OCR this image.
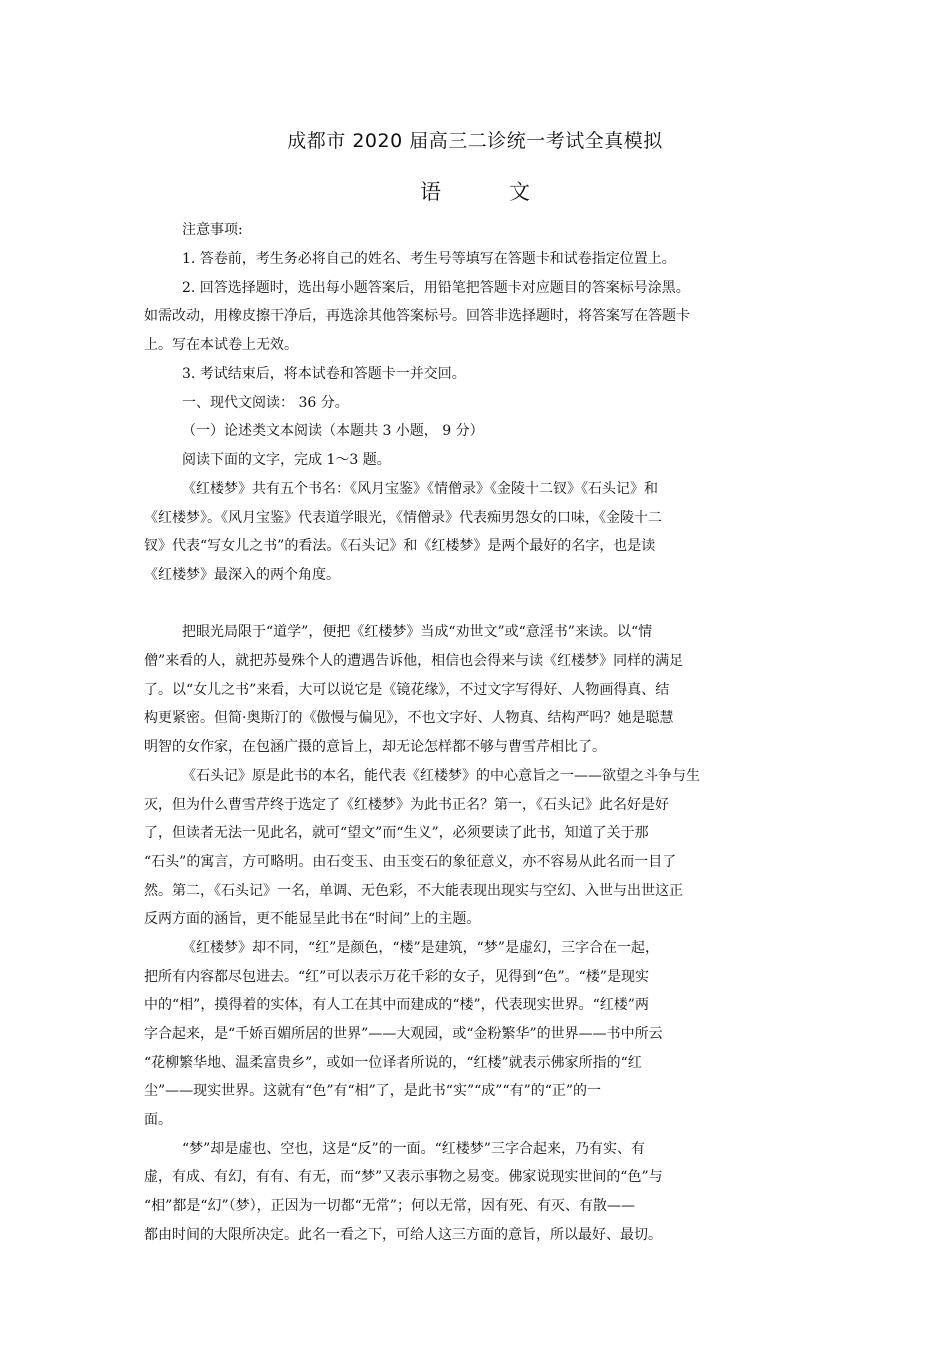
成都市 2020 届高三二诊统一考试全真模拟
语	文
注意事项:
1. 答卷前，考生务必将自己的姓名、考生号等填写在答题卡和试卷指定位置上。
2. 回答选择题时，选出每小题答案后，用铅笔把答题卡对应题目的答案标号涂黑。
如需改动，用橡皮擦干净后，再选涂其他答案标号。回答非选择题时，将答案写在答题卡
上。写在本试卷上无效。
3. 考试结束后，将本试卷和答题卡一并交回。
一、现代文阅读： 36 分。
（一）论述类文本阅读（本题共 3 小题， 9 分）
阅读下面的文字，完成 1～3 题。
《红楼梦》共有五个书名：《风月宝鉴》《情僧录》《金陵十二钗》《石头记》和
《红楼梦》。《风月宝鉴》代表道学眼光，《情僧录》代表痴男怨女的口味，《金陵十二
钗》代表“写女儿之书”的看法。《石头记》和《红楼梦》是两个最好的名字，也是读
《红楼梦》最深入的两个角度。
把眼光局限于“道学”，便把《红楼梦》当成“劝世文”或“意淫书”来读。以“情
僧”来看的人，就把苏曼殊个人的遭遇告诉他，相信也会得来与读《红楼梦》同样的满足
了。以“女儿之书”来看，大可以说它是《镜花缘》，不过文字写得好、人物画得真、结
构更紧密。但简·奥斯汀的《傲慢与偏见》，不也文字好、人物真、结构严吗？她是聪慧
明智的女作家，在包涵广摄的意旨上，却无论怎样都不够与曹雪芹相比了。
《石头记》原是此书的本名，能代表《红楼梦》的中心意旨之一——欲望之斗争与生
灭，但为什么曹雪芹终于选定了《红楼梦》为此书正名？第一，《石头记》此名好是好
了，但读者无法一见此名，就可“望文”而“生义”，必须要读了此书，知道了关于那
“石头”的寓言，方可略明。由石变玉、由玉变石的象征意义，亦不容易从此名而一目了
然。第二，《石头记》一名，单调、无色彩，不大能表现出现实与空幻、入世与出世这正
反两方面的涵旨，更不能显呈此书在“时间”上的主题。
《红楼梦》却不同，“红”是颜色，“楼”是建筑，“梦”是虚幻，三字合在一起，
把所有内容都尽包进去。“红”可以表示万花千彩的女子，见得到“色”。“楼”是现实
中的“相”，摸得着的实体，有人工在其中而建成的“楼”，代表现实世界。“红楼”两
字合起来，是“千娇百媚所居的世界”——大观园，或“金粉繁华”的世界——书中所云
“花柳繁华地、温柔富贵乡”，或如一位译者所说的，“红楼”就表示佛家所指的“红
尘”——现实世界。这就有“色”有“相”了，是此书“实”“成”“有”的“正”的一
面。
“梦”却是虚也、空也，这是“反”的一面。“红楼梦”三字合起来，乃有实、有
虚，有成、有幻，有有、有无，而“梦”又表示事物之易变。佛家说现实世间的“色”与
“相”都是“幻”（梦），正因为一切都“无常”；何以无常，因有死、有灭、有散——
都由时间的大限所决定。此名一看之下，可给人这三方面的意旨，所以最好、最切。
